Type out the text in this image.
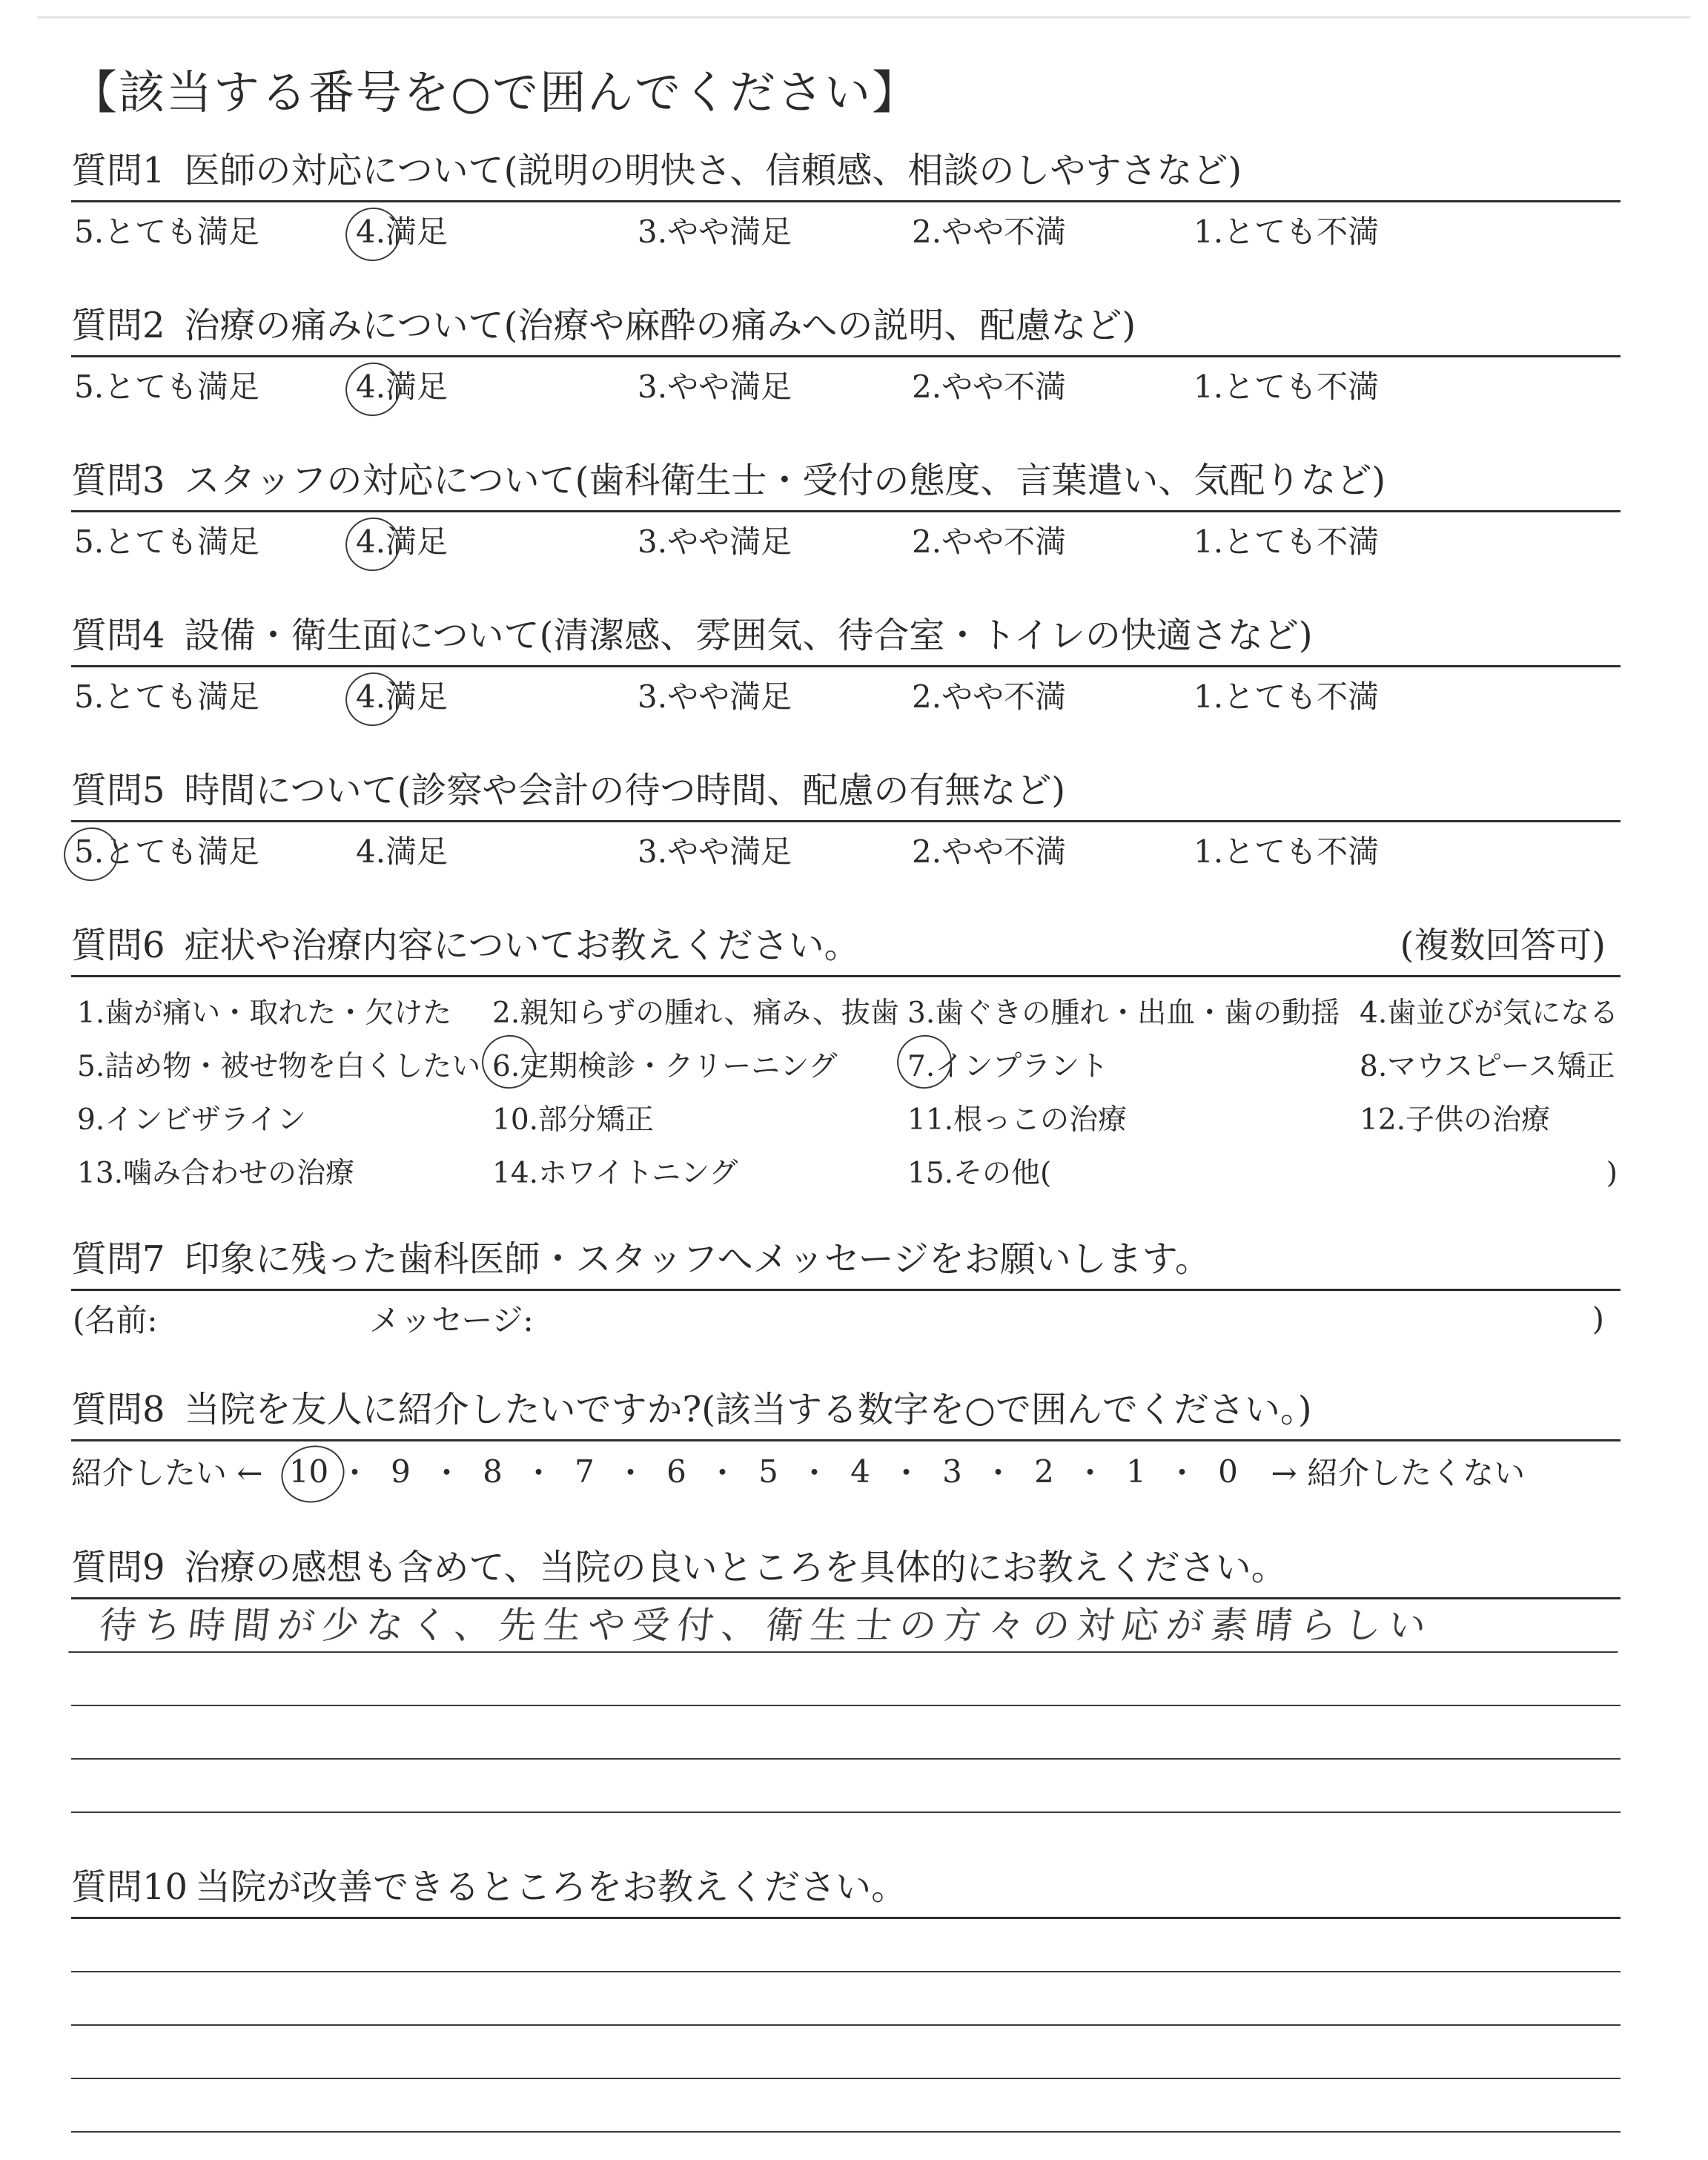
【該当する番号を○で囲んでください】
質問1 医師の対応について(説明の明快さ、信頼感、相談のしやすさなど)
5.とても満足	4.満足	3.やや満足	2.やや不満	1.とても不満
質問2 治療の痛みについて(治療や麻酔の痛みへの説明、配慮など)
5.とても満足	4.満足	3.やや満足	2.やや不満	1.とても不満
質問3 スタッフの対応について(歯科衛生士・受付の態度、言葉遣い、気配りなど)
5.とても満足	4.満足	3.やや満足	2.やや不満	1.とても不満
質問4 設備・衛生面について(清潔感、雰囲気、待合室・トイレの快適さなど)
5.とても満足	4.満足	3.やや満足	2.やや不満	1.とても不満
質問5 時間について(診察や会計の待つ時間、配慮の有無など)
5.とても満足	4.満足	3.やや満足	2.やや不満	1.とても不満
質問6 症状や治療内容についてお教えください。	(複数回答可)
1.歯が痛い・取れた・欠けた	2.親知らずの腫れ、痛み、抜歯 3.歯ぐきの腫れ・出血・歯の動揺 4.歯並びが気になる
5.詰め物・被せ物を白くしたい 6.定期検診・クリーニング	7.インプラント	8.マウスピース矯正
9.インビザライン	10.部分矯正	11.根っこの治療	12.子供の治療
13.噛み合わせの治療	14.ホワイトニング	15.その他(	)
質問7 印象に残った歯科医師・スタッフへメッセージをお願いします。
(名前:	メッセージ:	)
質問8 当院を友人に紹介したいですか?(該当する数字を○で囲んでください。)
紹介したい ← 10 ・ 9 ・ 8 ・ 7 ・ 6 ・ 5 ・ 4 ・ 3 ・ 2 ・ 1 ・ 0	→ 紹介したくない
質問9 治療の感想も含めて、当院の良いところを具体的にお教えください。
待ち時間が少なく、先生や受付、衛生士の方々の対応が素晴らしい
質問10 当院が改善できるところをお教えください。
